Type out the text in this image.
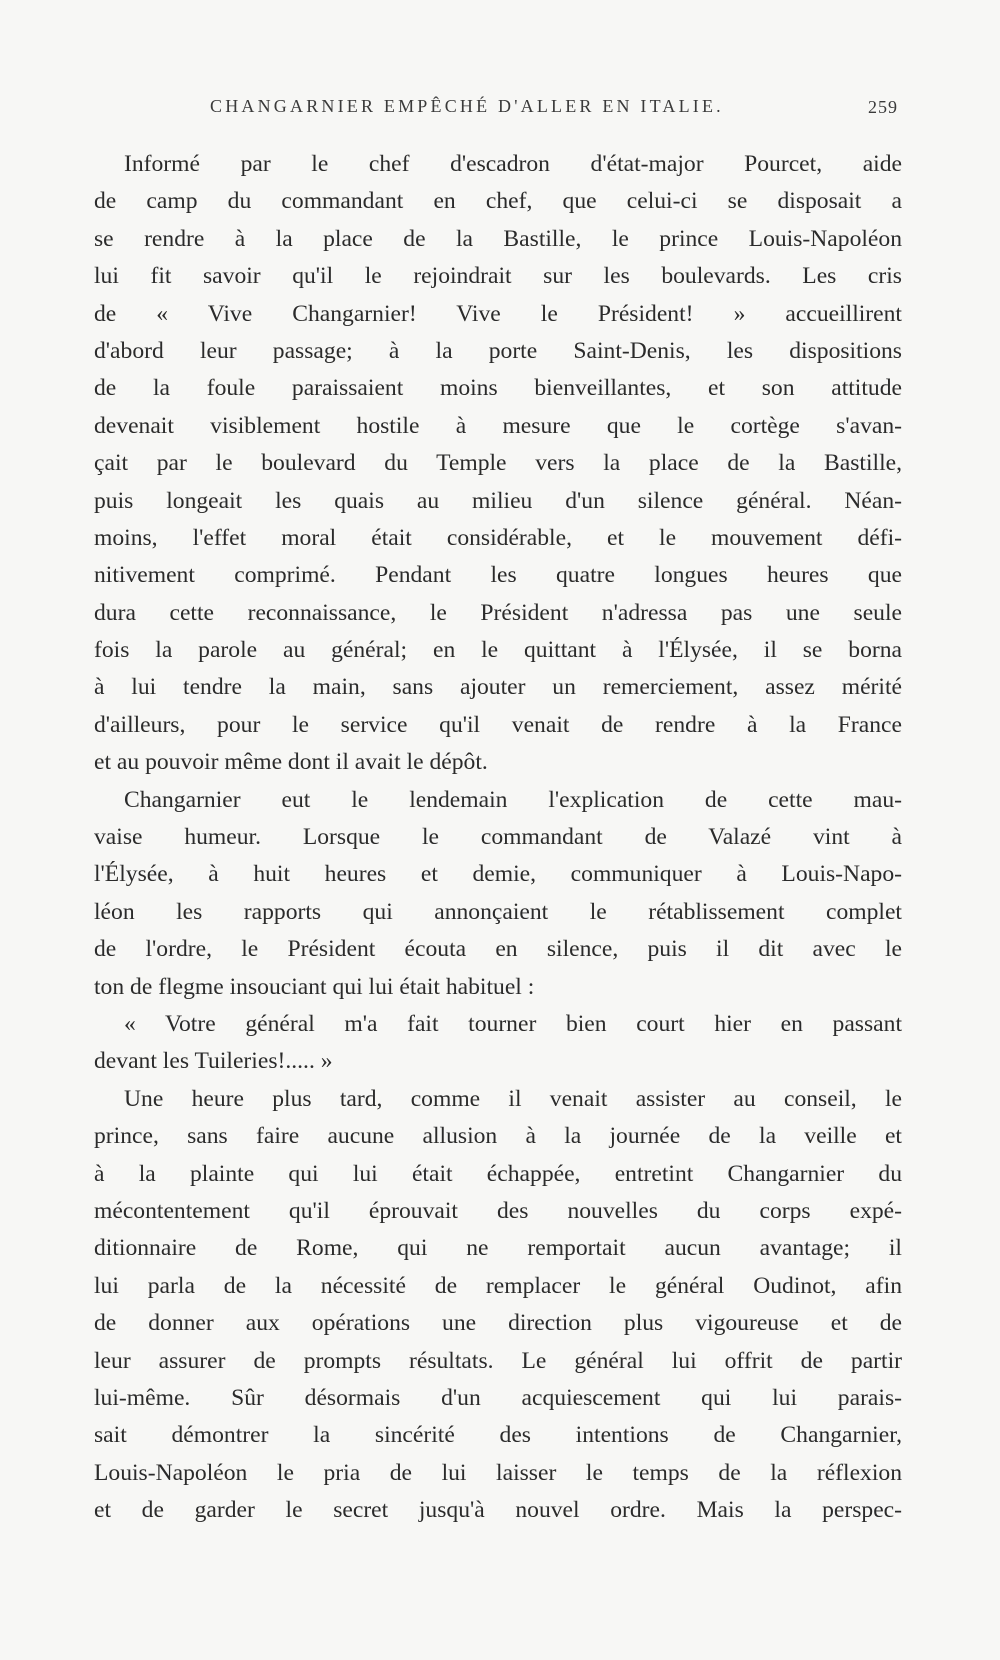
CHANGARNIER EMPÊCHÉ D'ALLER EN ITALIE.	259
Informé par le chef d'escadron d'état-major Pourcet, aide
de camp du commandant en chef, que celui-ci se disposait a
se rendre à la place de la Bastille, le prince Louis-Napoléon
lui fit savoir qu'il le rejoindrait sur les boulevards. Les cris
de « Vive Changarnier! Vive le Président! » accueillirent
d'abord leur passage; à la porte Saint-Denis, les dispositions
de la foule paraissaient moins bienveillantes, et son attitude
devenait visiblement hostile à mesure que le cortège s'avan-
çait par le boulevard du Temple vers la place de la Bastille,
puis longeait les quais au milieu d'un silence général. Néan-
moins, l'effet moral était considérable, et le mouvement défi-
nitivement comprimé. Pendant les quatre longues heures que
dura cette reconnaissance, le Président n'adressa pas une seule
fois la parole au général; en le quittant à l'Élysée, il se borna
à lui tendre la main, sans ajouter un remerciement, assez mérité
d'ailleurs, pour le service qu'il venait de rendre à la France
et au pouvoir même dont il avait le dépôt.
Changarnier eut le lendemain l'explication de cette mau-
vaise humeur. Lorsque le commandant de Valazé vint à
l'Élysée, à huit heures et demie, communiquer à Louis-Napo-
léon les rapports qui annonçaient le rétablissement complet
de l'ordre, le Président écouta en silence, puis il dit avec le
ton de flegme insouciant qui lui était habituel :
« Votre général m'a fait tourner bien court hier en passant
devant les Tuileries!..... »
Une heure plus tard, comme il venait assister au conseil, le
prince, sans faire aucune allusion à la journée de la veille et
à la plainte qui lui était échappée, entretint Changarnier du
mécontentement qu'il éprouvait des nouvelles du corps expé-
ditionnaire de Rome, qui ne remportait aucun avantage; il
lui parla de la nécessité de remplacer le général Oudinot, afin
de donner aux opérations une direction plus vigoureuse et de
leur assurer de prompts résultats. Le général lui offrit de partir
lui-même. Sûr désormais d'un acquiescement qui lui parais-
sait démontrer la sincérité des intentions de Changarnier,
Louis-Napoléon le pria de lui laisser le temps de la réflexion
et de garder le secret jusqu'à nouvel ordre. Mais la perspec-
